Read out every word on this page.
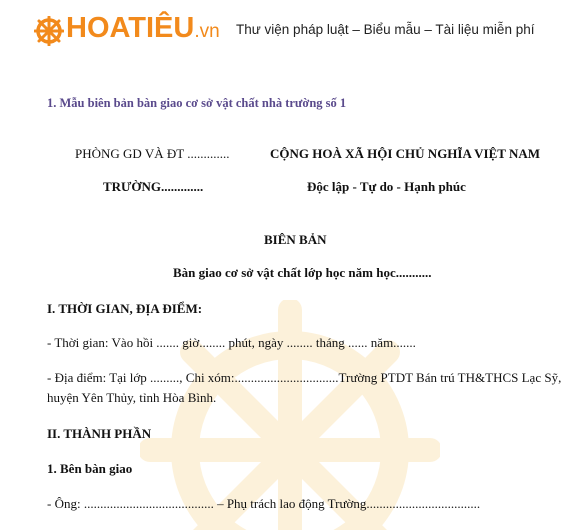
HOATIÊU.vn Thư viện pháp luật – Biểu mẫu – Tài liệu miễn phí
1. Mẫu biên bản bàn giao cơ sở vật chất nhà trường số 1
PHÒNG GD VÀ ĐT .............	CỘNG HOÀ XÃ HỘI CHỦ NGHĨA VIỆT NAM
TRƯỜNG.............	Độc lập - Tự do - Hạnh phúc
BIÊN BẢN
Bàn giao cơ sở vật chất lớp học năm học...........
I. THỜI GIAN, ĐỊA ĐIỂM:
- Thời gian: Vào hồi ....... giờ........ phút, ngày ........ tháng ...... năm.......
- Địa điểm: Tại lớp ........., Chi xóm:................................Trường PTDT Bán trú TH&THCS Lạc Sỹ,
huyện Yên Thủy, tỉnh Hòa Bình.
II. THÀNH PHẦN
1. Bên bàn giao
- Ông: ........................................ – Phụ trách lao động Trường...................................
